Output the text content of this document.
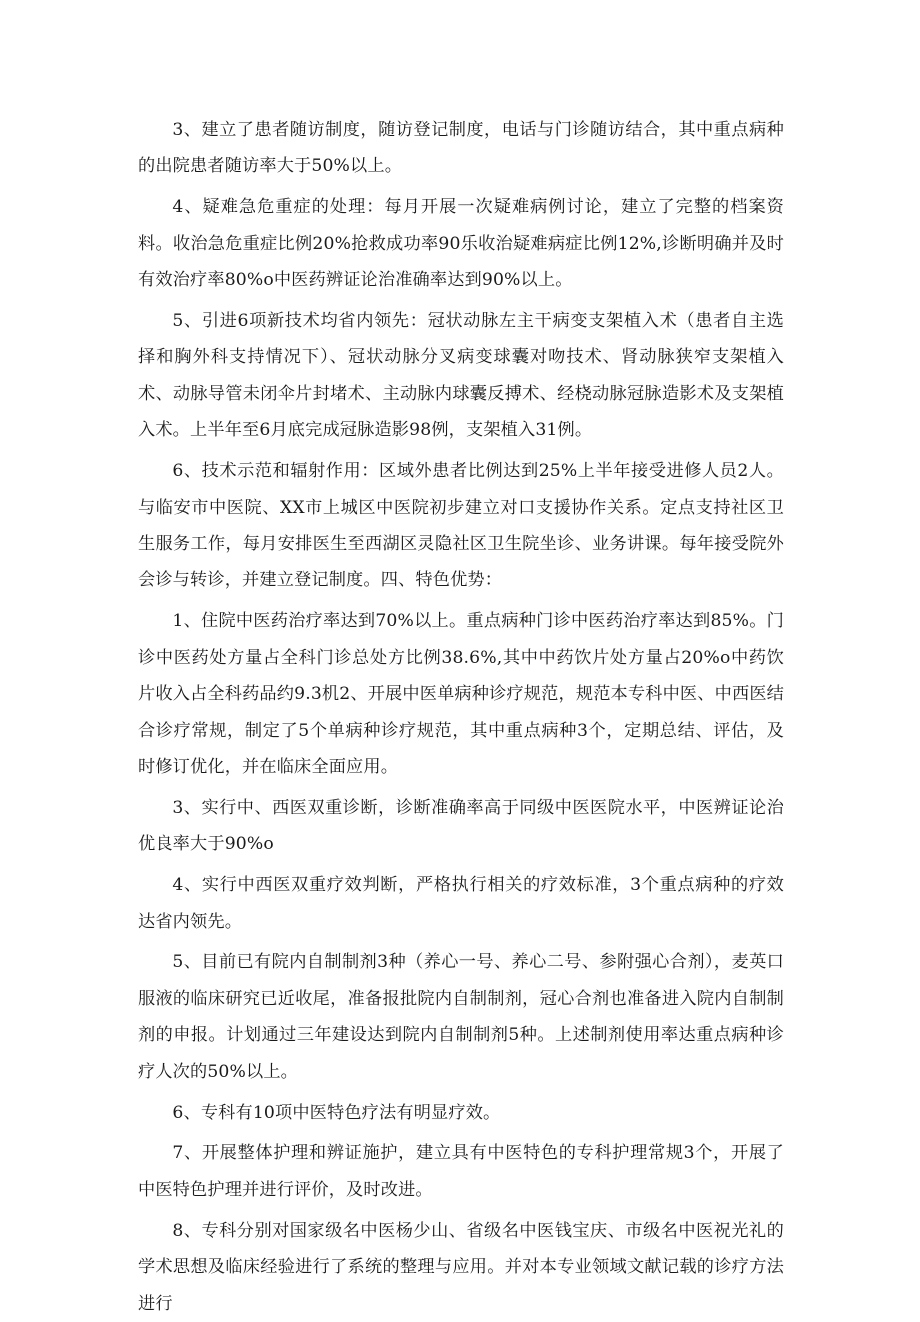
3、建立了患者随访制度，随访登记制度，电话与门诊随访结合，其中重点病种的出院患者随访率大于50%以上。

4、疑难急危重症的处理：每月开展一次疑难病例讨论，建立了完整的档案资料。收治急危重症比例20%抢救成功率90乐收治疑难病症比例12%,诊断明确并及时有效治疗率80%o中医药辨证论治准确率达到90%以上。

5、引进6项新技术均省内领先：冠状动脉左主干病变支架植入术（患者自主选择和胸外科支持情况下）、冠状动脉分叉病变球囊对吻技术、肾动脉狭窄支架植入术、动脉导管未闭伞片封堵术、主动脉内球囊反搏术、经桡动脉冠脉造影术及支架植入术。上半年至6月底完成冠脉造影98例，支架植入31例。

6、技术示范和辐射作用：区域外患者比例达到25%上半年接受进修人员2人。与临安市中医院、XX市上城区中医院初步建立对口支援协作关系。定点支持社区卫生服务工作，每月安排医生至西湖区灵隐社区卫生院坐诊、业务讲课。每年接受院外会诊与转诊，并建立登记制度。四、特色优势：

1、住院中医药治疗率达到70%以上。重点病种门诊中医药治疗率达到85%。门诊中医药处方量占全科门诊总处方比例38.6%,其中中药饮片处方量占20%o中药饮片收入占全科药品约9.3机2、开展中医单病种诊疗规范，规范本专科中医、中西医结合诊疗常规，制定了5个单病种诊疗规范，其中重点病种3个，定期总结、评估，及时修订优化，并在临床全面应用。

3、实行中、西医双重诊断，诊断准确率高于同级中医医院水平，中医辨证论治优良率大于90%o

4、实行中西医双重疗效判断，严格执行相关的疗效标准，3个重点病种的疗效达省内领先。

5、目前已有院内自制制剂3种（养心一号、养心二号、参附强心合剂），麦英口服液的临床研究已近收尾，准备报批院内自制制剂，冠心合剂也准备进入院内自制制剂的申报。计划通过三年建设达到院内自制制剂5种。上述制剂使用率达重点病种诊疗人次的50%以上。

6、专科有10项中医特色疗法有明显疗效。

7、开展整体护理和辨证施护，建立具有中医特色的专科护理常规3个，开展了中医特色护理并进行评价，及时改进。

8、专科分别对国家级名中医杨少山、省级名中医钱宝庆、市级名中医祝光礼的学术思想及临床经验进行了系统的整理与应用。并对本专业领域文献记载的诊疗方法进行
